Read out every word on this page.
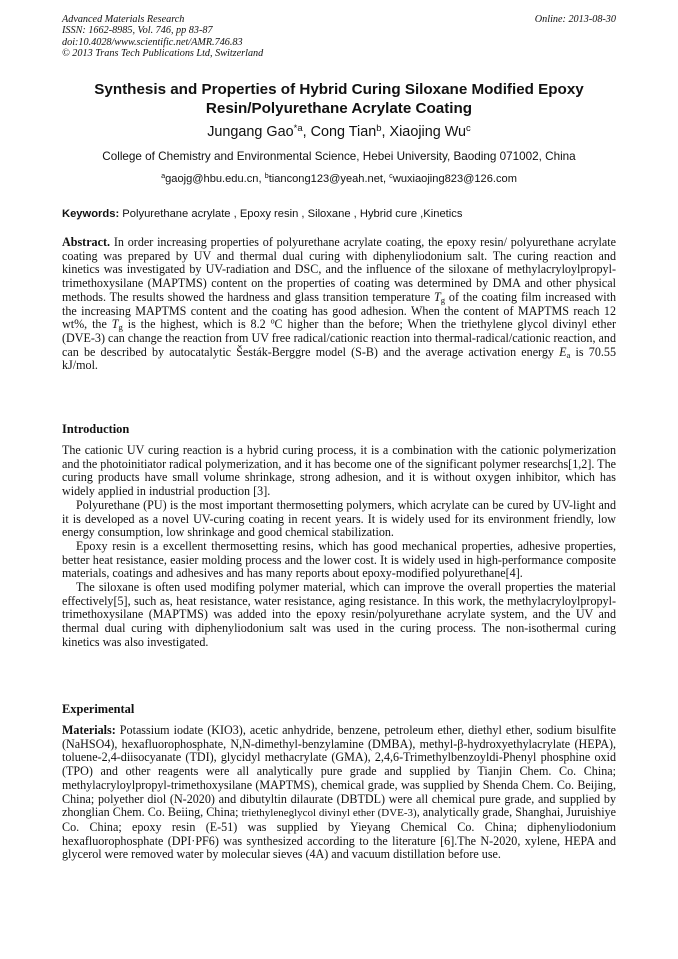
Advanced Materials Research
ISSN: 1662-8985, Vol. 746, pp 83-87
doi:10.4028/www.scientific.net/AMR.746.83
© 2013 Trans Tech Publications Ltd, Switzerland
Online: 2013-08-30
Synthesis and Properties of Hybrid Curing Siloxane Modified Epoxy
Resin/Polyurethane Acrylate Coating
Jungang Gao$^{*a}$, Cong Tian$^b$, Xiaojing Wu$^c$
College of Chemistry and Environmental Science, Hebei University, Baoding 071002, China
$^a$gaojg@hbu.edu.cn, $^b$tiancong123@yeah.net, $^c$wuxiaojing823@126.com
Keywords: Polyurethane acrylate , Epoxy resin , Siloxane , Hybrid cure ,Kinetics
Abstract. In order increasing properties of polyurethane acrylate coating, the epoxy resin/ polyurethane acrylate coating was prepared by UV and thermal dual curing with diphenyliodonium salt. The curing reaction and kinetics was investigated by UV-radiation and DSC, and the influence of the siloxane of methylacryloylpropyl-trimethoxysilane (MAPTMS) content on the properties of coating was determined by DMA and other physical methods. The results showed the hardness and glass transition temperature $T_g$ of the coating film increased with the increasing MAPTMS content and the coating has good adhesion. When the content of MAPTMS reach 12 wt%, the $T_g$ is the highest, which is 8.2 $^o$C higher than the before; When the triethylene glycol divinyl ether (DVE-3) can change the reaction from UV free radical/cationic reaction into thermal-radical/cationic reaction, and can be described by autocatalytic Šesták-Berggre model (S-B) and the average activation energy $E_a$ is 70.55 kJ/mol.
Introduction

The cationic UV curing reaction is a hybrid curing process, it is a combination with the cationic polymerization and the photoinitiator radical polymerization, and it has become one of the significant polymer researchs[1,2]. The curing products have small volume shrinkage, strong adhesion, and it is without oxygen inhibitor, which has widely applied in industrial production [3].

Polyurethane (PU) is the most important thermosetting polymers, which acrylate can be cured by UV-light and it is developed as a novel UV-curing coating in recent years. It is widely used for its environment friendly, low energy consumption, low shrinkage and good chemical stabilization.

Epoxy resin is a excellent thermosetting resins, which has good mechanical properties, adhesive properties, better heat resistance, easier molding process and the lower cost. It is widely used in high-performance composite materials, coatings and adhesives and has many reports about epoxy-modified polyurethane[4].

The siloxane is often used modifing polymer material, which can improve the overall properties the material effectively[5], such as, heat resistance, water resistance, aging resistance. In this work, the methylacryloylpropyl-trimethoxysilane (MAPTMS) was added into the epoxy resin/polyurethane acrylate system, and the UV and thermal dual curing with diphenyliodonium salt was used in the curing process. The non-isothermal curing kinetics was also investigated.

Experimental
Materials: Potassium iodate (KIO3), acetic anhydride, benzene, petroleum ether, diethyl ether, sodium bisulfite (NaHSO4), hexafluorophosphate, N,N-dimethyl-benzylamine (DMBA), methyl-β-hydroxyethylacrylate (HEPA), toluene-2,4-diisocyanate (TDI), glycidyl methacrylate (GMA), 2,4,6-Trimethylbenzoyldi-Phenyl phosphine oxid (TPO) and other reagents were all analytically pure grade and supplied by Tianjin Chem. Co. China; methylacryloylpropyl-trimethoxysilane (MAPTMS), chemical grade, was supplied by Shenda Chem. Co. Beijing, China; polyether diol (N-2020) and dibutyltin dilaurate (DBTDL) were all chemical pure grade, and supplied by zhonglian Chem. Co. Beiing, China; triethyleneglycol divinyl ether (DVE-3), analytically grade, Shanghai, Juruishiye Co. China; epoxy resin (E-51) was supplied by Yieyang Chemical Co. China; diphenyliodonium hexafluorophosphate (DPI·PF6) was synthesized according to the literature [6].The N-2020, xylene, HEPA and glycerol were removed water by molecular sieves (4A) and vacuum distillation before use.
